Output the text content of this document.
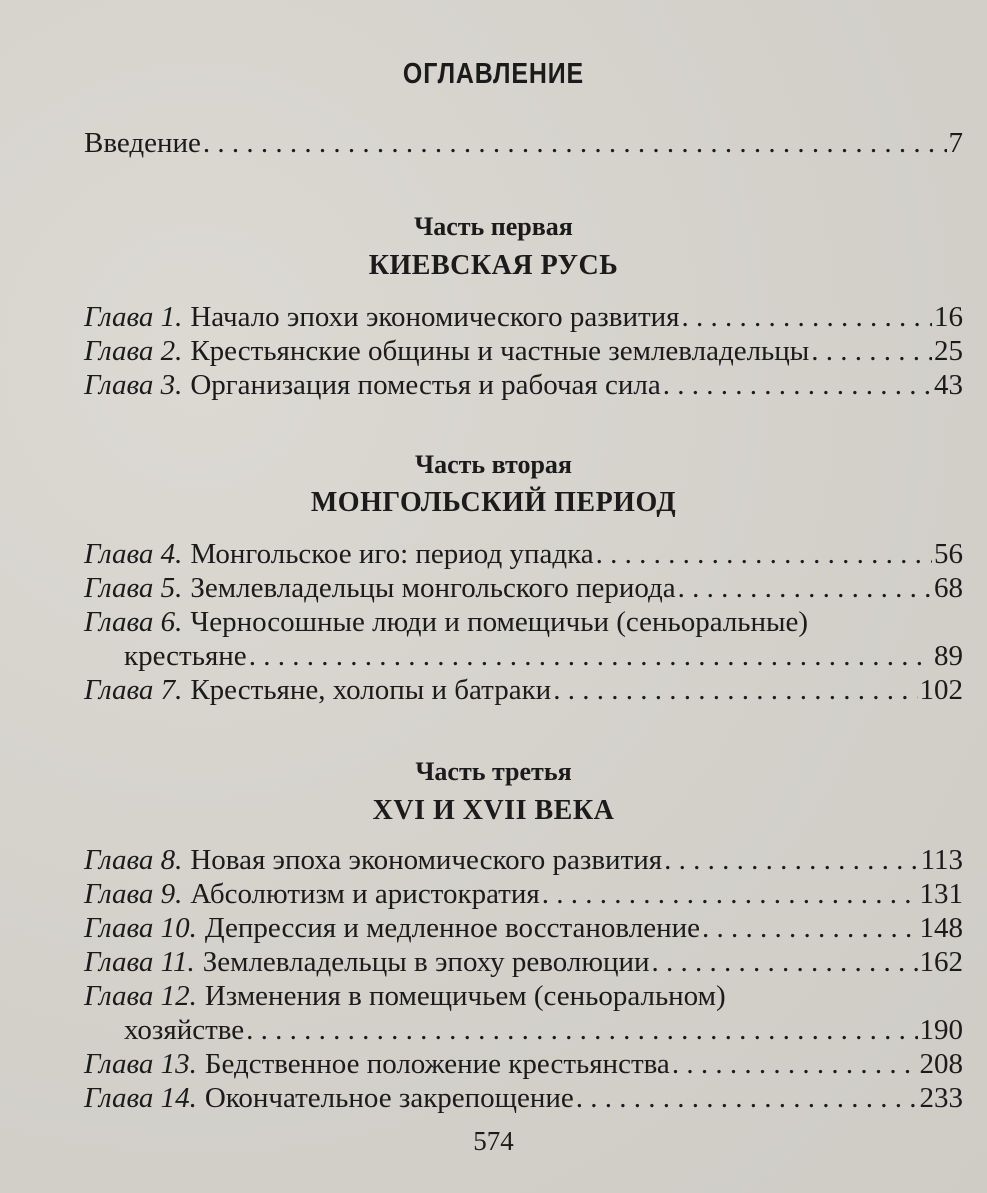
ОГЛАВЛЕНИЕ
Введение . . .	7
Часть первая
КИЕВСКАЯ РУСЬ
Глава 1. Начало эпохи экономического развития . . .	16
Глава 2. Крестьянские общины и частные землевладельцы . . .	25
Глава 3. Организация поместья и рабочая сила . . .	43
Часть вторая
МОНГОЛЬСКИЙ ПЕРИОД
Глава 4. Монгольское иго: период упадка . . .	56
Глава 5. Землевладельцы монгольского периода . . .	68
Глава 6. Черносошные люди и помещичьи (сеньоральные)
крестьяне . . .	89
Глава 7. Крестьяне, холопы и батраки . . .	102
Часть третья
XVI И XVII ВЕКА
Глава 8. Новая эпоха экономического развития . . .	113
Глава 9. Абсолютизм и аристократия . . .	131
Глава 10. Депрессия и медленное восстановление . . .	148
Глава 11. Землевладельцы в эпоху революции . . .	162
Глава 12. Изменения в помещичьем (сеньоральном)
хозяйстве . . .	190
Глава 13. Бедственное положение крестьянства . . .	208
Глава 14. Окончательное закрепощение . . .	233
574
